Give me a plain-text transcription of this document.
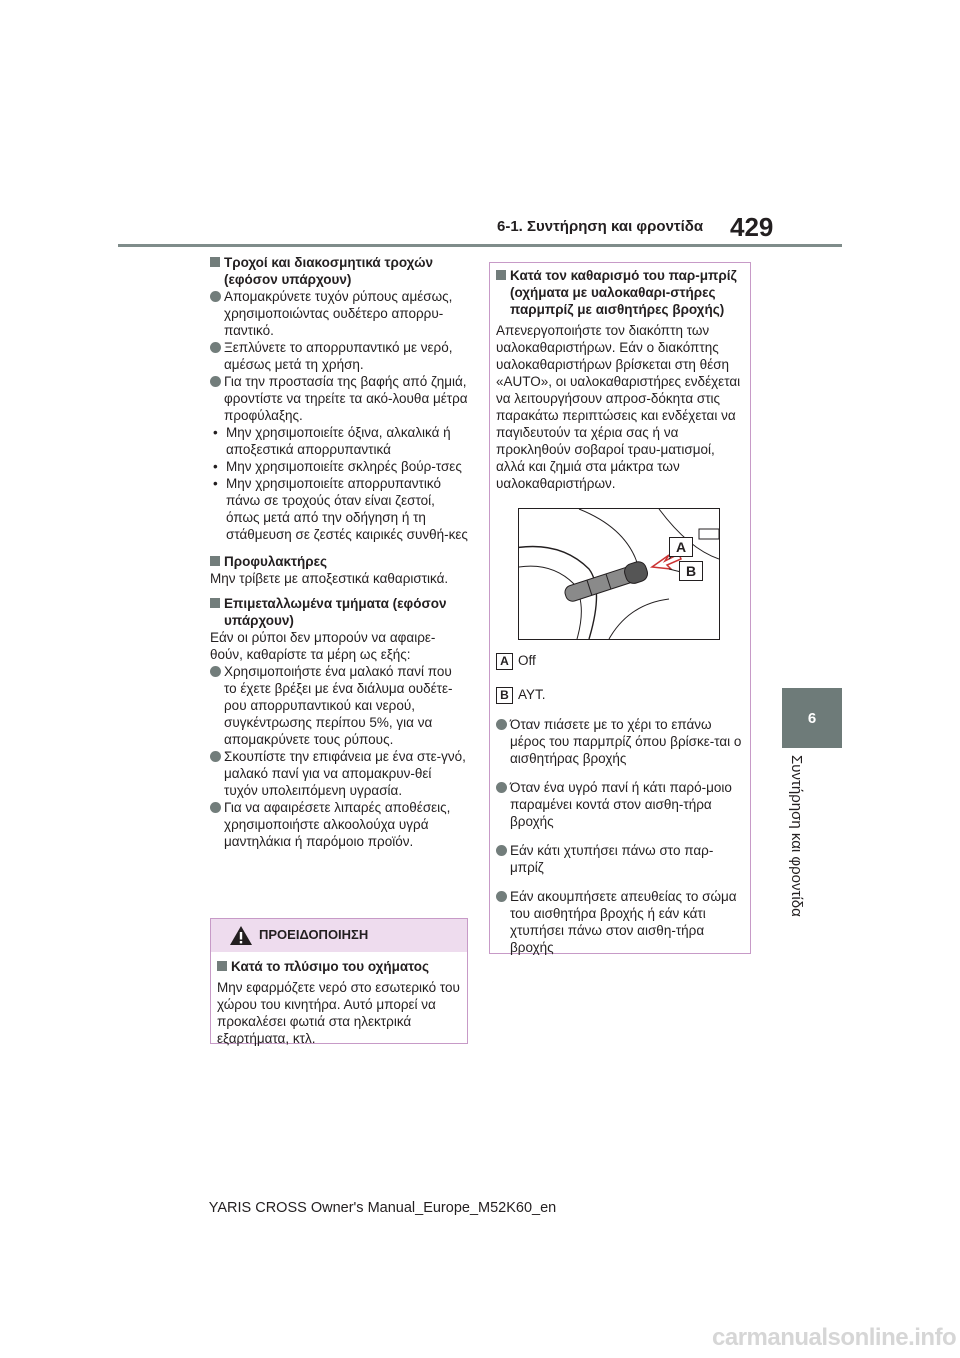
6-1. Συντήρηση και φροντίδα 429
6
Συντήρηση και φροντίδα

Τροχοί και διακοσμητικά τροχών (εφόσον υπάρχουν)

Απομακρύνετε τυχόν ρύπους αμέσως, χρησιμοποιώντας ουδέτερο απορρυ-παντικό.

Ξεπλύνετε το απορρυπαντικό με νερό, αμέσως μετά τη χρήση.

Για την προστασία της βαφής από ζημιά, φροντίστε να τηρείτε τα ακό-λουθα μέτρα προφύλαξης.

• Μην χρησιμοποιείτε όξινα, αλκαλικά ή αποξεστικά απορρυπαντικά

• Μην χρησιμοποιείτε σκληρές βούρ-τσες

• Μην χρησιμοποιείτε απορρυπαντικό πάνω σε τροχούς όταν είναι ζεστοί, όπως μετά από την οδήγηση ή τη στάθμευση σε ζεστές καιρικές συνθή-κες

Προφυλακτήρες

Μην τρίβετε με αποξεστικά καθαριστικά.

Επιμεταλλωμένα τμήματα (εφόσον υπάρχουν)

Εάν οι ρύποι δεν μπορούν να αφαιρε-θούν, καθαρίστε τα μέρη ως εξής:

Χρησιμοποιήστε ένα μαλακό πανί που το έχετε βρέξει με ένα διάλυμα ουδέτε-ρου απορρυπαντικού και νερού, συγκέντρωσης περίπου 5%, για να απομακρύνετε τους ρύπους.

Σκουπίστε την επιφάνεια με ένα στε-γνό, μαλακό πανί για να απομακρυν-θεί τυχόν υπολειπόμενη υγρασία.

Για να αφαιρέσετε λιπαρές αποθέσεις, χρησιμοποιήστε αλκοολούχα υγρά μαντηλάκια ή παρόμοιο προϊόν.

ΠΡΟΕΙΔΟΠΟΙΗΣΗ

Κατά το πλύσιμο του οχήματος

Μην εφαρμόζετε νερό στο εσωτερικό του χώρου του κινητήρα. Αυτό μπορεί να προκαλέσει φωτιά στα ηλεκτρικά εξαρτήματα, κτλ.

Κατά τον καθαρισμό του παρ-μπρίζ (οχήματα με υαλοκαθαρι-στήρες παρμπρίζ με αισθητήρες βροχής)

Απενεργοποιήστε τον διακόπτη των υαλοκαθαριστήρων. Εάν ο διακόπτης υαλοκαθαριστήρων βρίσκεται στη θέση «AUTO», οι υαλοκαθαριστήρες ενδέχεται να λειτουργήσουν απροσ-δόκητα στις παρακάτω περιπτώσεις και ενδέχεται να παγιδευτούν τα χέρια σας ή να προκληθούν σοβαροί τραυ-ματισμοί, αλλά και ζημιά στα μάκτρα των υαλοκαθαριστήρων.

A
B

A Off

B AYT.

Όταν πιάσετε με το χέρι το επάνω μέρος του παρμπρίζ όπου βρίσκε-ται ο αισθητήρας βροχής

Όταν ένα υγρό πανί ή κάτι παρό-μοιο παραμένει κοντά στον αισθη-τήρα βροχής

Εάν κάτι χτυπήσει πάνω στο παρ-μπρίζ

Εάν ακουμπήσετε απευθείας το σώμα του αισθητήρα βροχής ή εάν κάτι χτυπήσει πάνω στον αισθη-τήρα βροχής

YARIS CROSS Owner's Manual_Europe_M52K60_en
carmanualsonline.info
